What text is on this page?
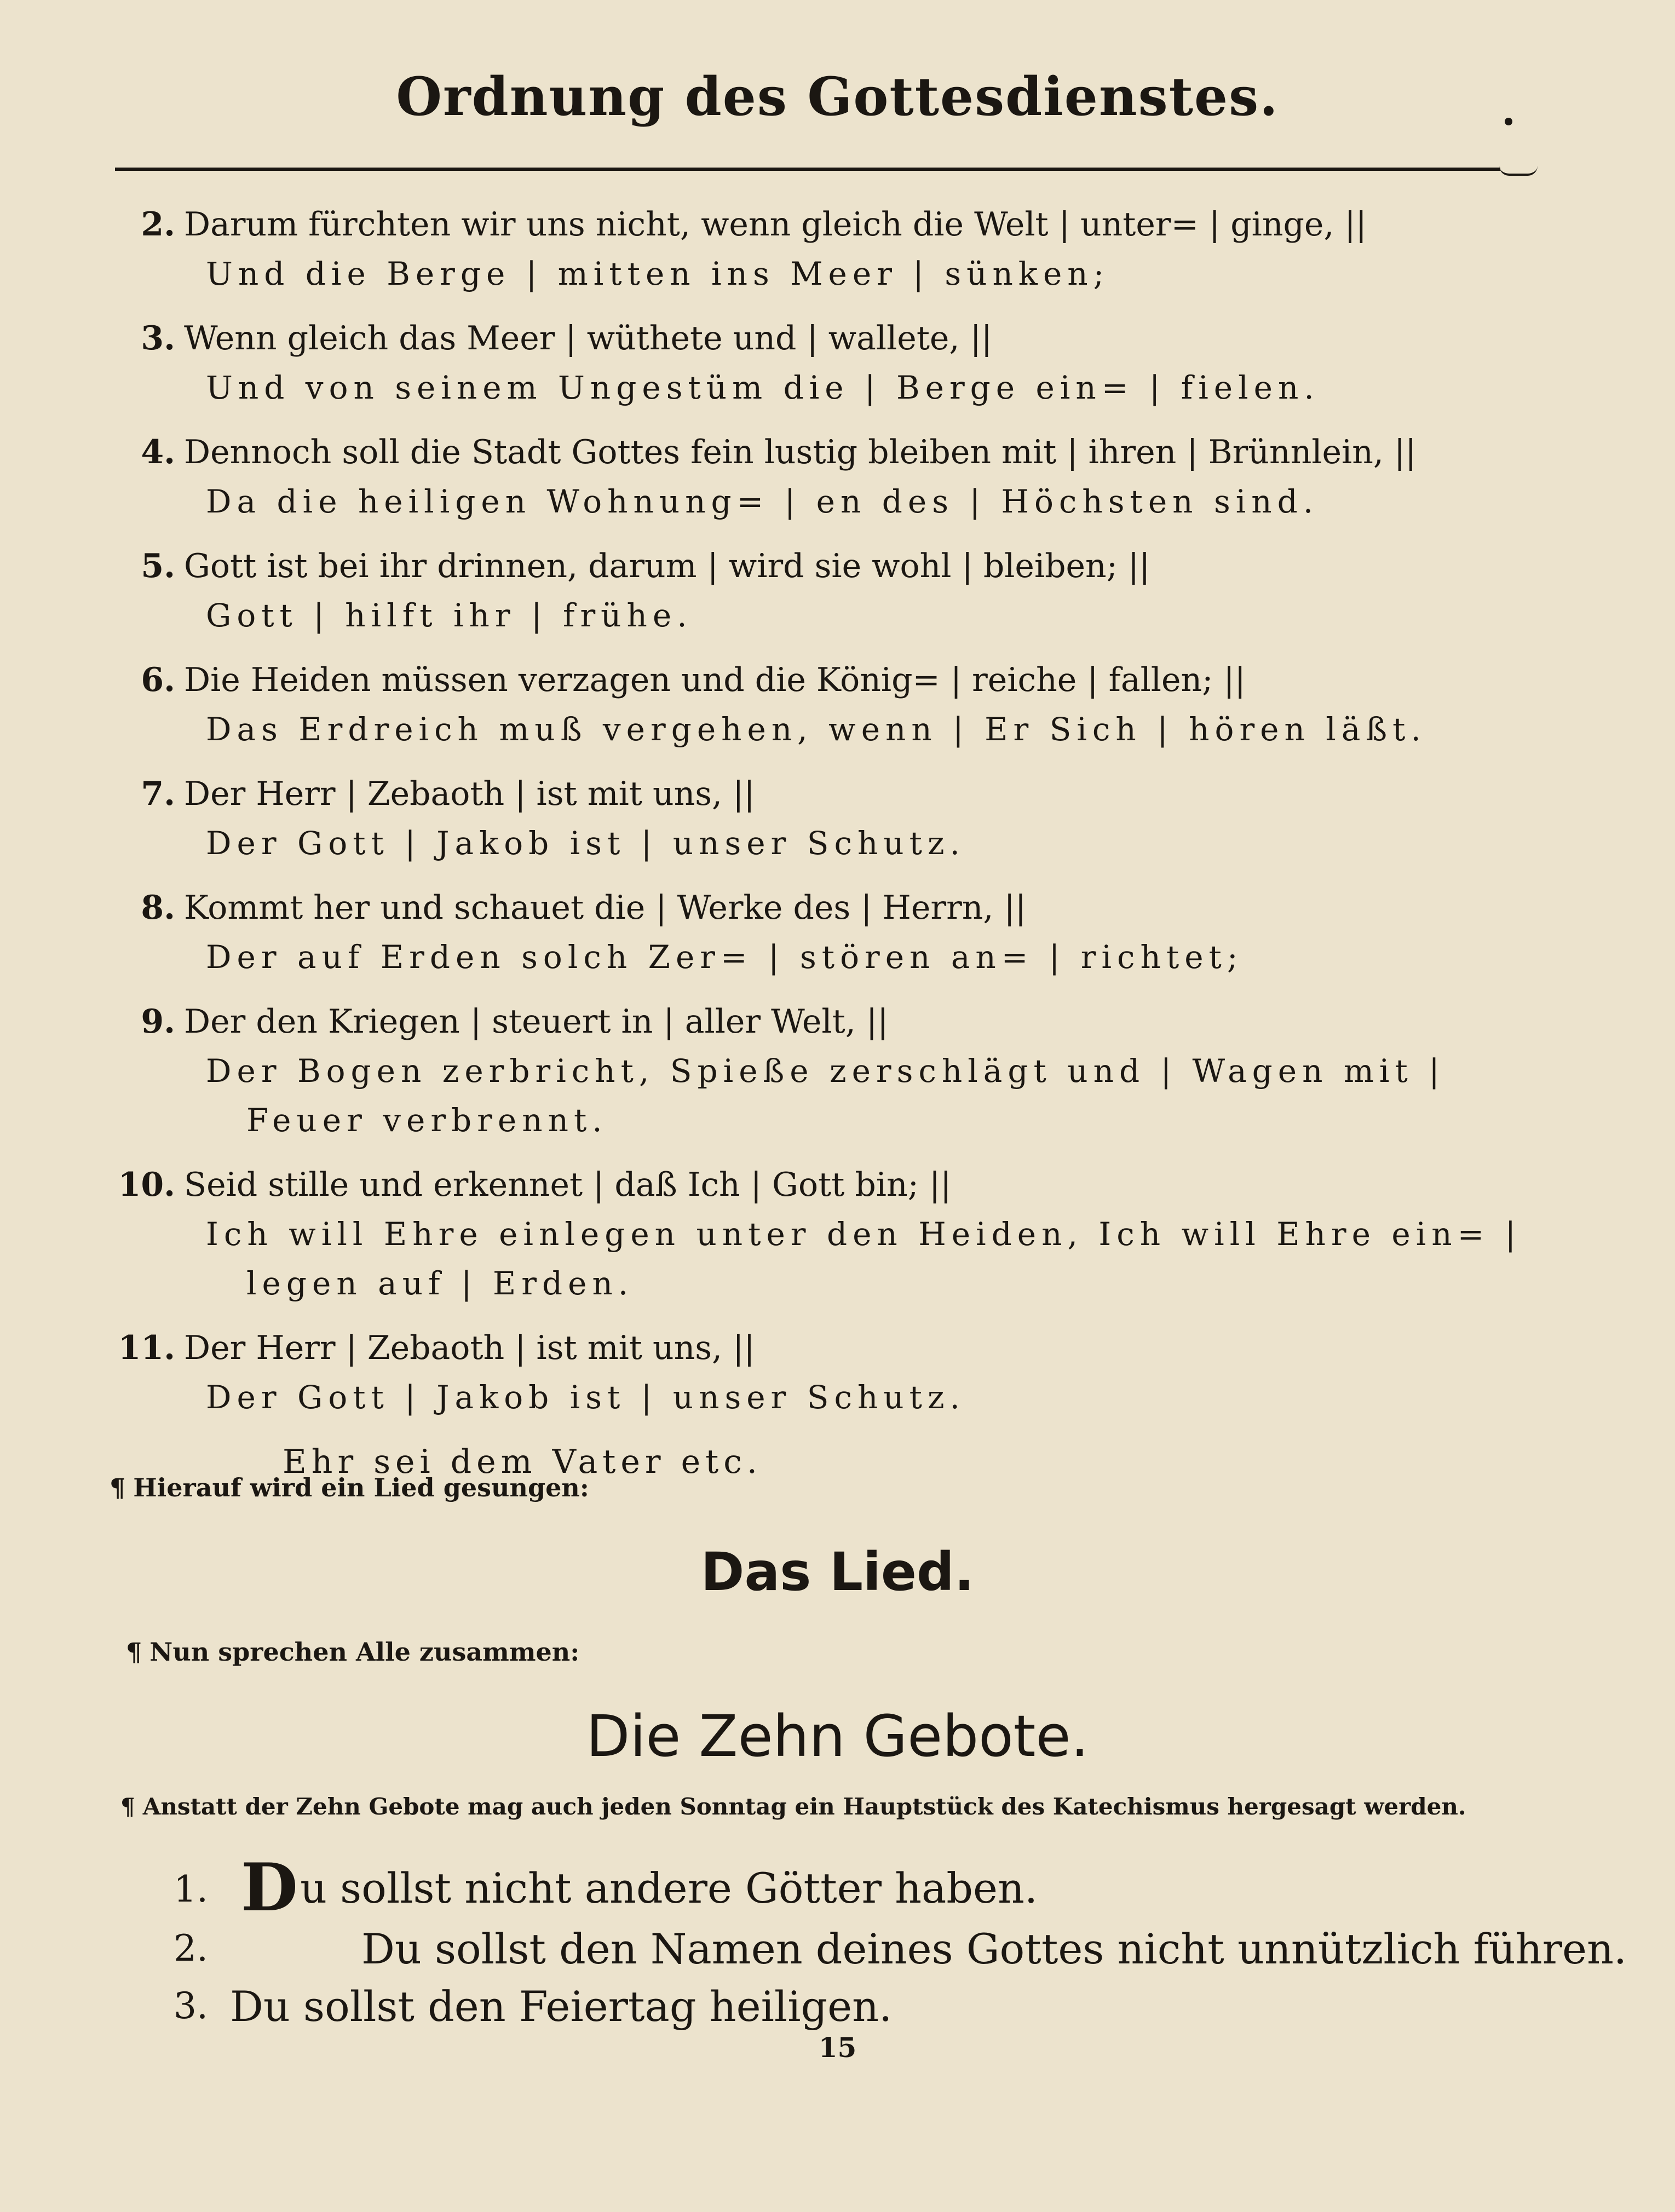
Ordnung des Gottesdienstes.
2. Darum fürchten wir uns nicht, wenn gleich die Welt | unter= | ginge, ||
Und die Berge | mitten ins Meer | sünken;
3. Wenn gleich das Meer | wüthete und | wallete, ||
Und von seinem Ungestüm die | Berge ein= | fielen.
4. Dennoch soll die Stadt Gottes fein lustig bleiben mit | ihren | Brünnlein, ||
Da die heiligen Wohnung= | en des | Höchsten sind.
5. Gott ist bei ihr drinnen, darum | wird sie wohl | bleiben; ||
Gott | hilft ihr | frühe.
6. Die Heiden müssen verzagen und die König= | reiche | fallen; ||
Das Erdreich muß vergehen, wenn | Er Sich | hören läßt.
7. Der Herr | Zebaoth | ist mit uns, ||
Der Gott | Jakob ist | unser Schutz.
8. Kommt her und schauet die | Werke des | Herrn, ||
Der auf Erden solch Zer= | stören an= | richtet;
9. Der den Kriegen | steuert in | aller Welt, ||
Der Bogen zerbricht, Spieße zerschlägt und | Wagen mit |
Feuer verbrennt.
10. Seid stille und erkennet | daß Ich | Gott bin; ||
Ich will Ehre einlegen unter den Heiden, Ich will Ehre ein= |
legen auf | Erden.
11. Der Herr | Zebaoth | ist mit uns, ||
Der Gott | Jakob ist | unser Schutz.
Ehr sei dem Vater etc.
¶ Hierauf wird ein Lied gesungen:
Das Lied.
¶ Nun sprechen Alle zusammen:
Die Zehn Gebote.
¶ Anstatt der Zehn Gebote mag auch jeden Sonntag ein Hauptstück des Katechismus hergesagt werden.
1. Du sollst nicht andere Götter haben.
2.	Du sollst den Namen deines Gottes nicht unnützlich führen.
3. Du sollst den Feiertag heiligen.
15
